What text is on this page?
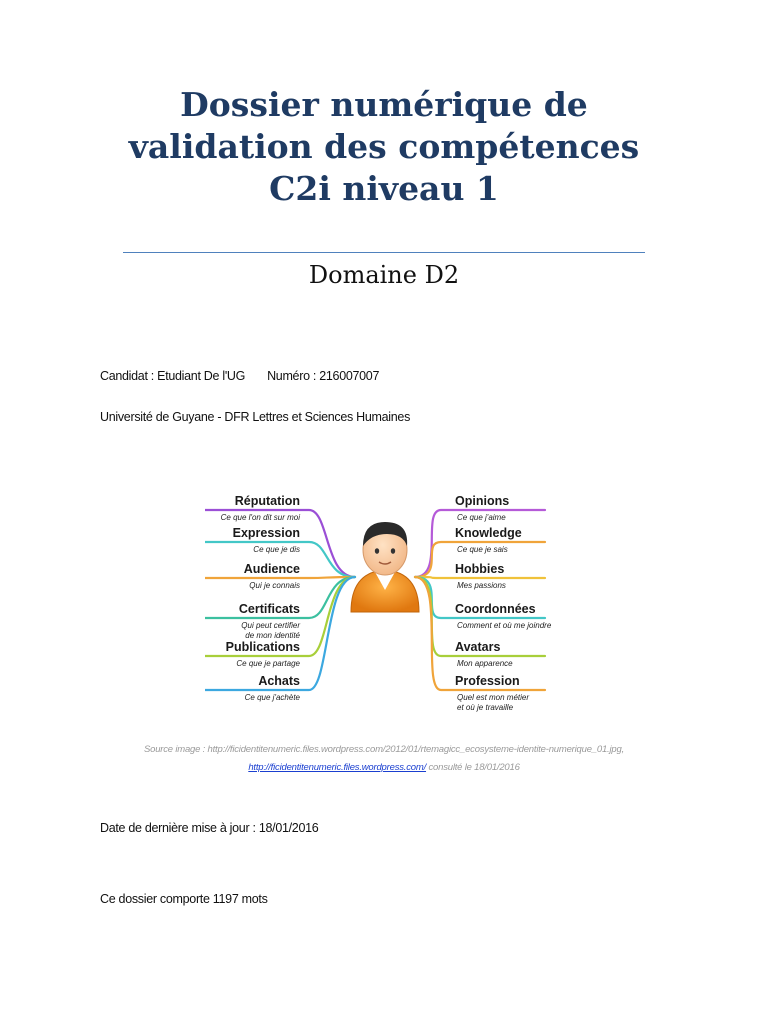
Dossier numérique de
validation des compétences
C2i niveau 1
Domaine D2
Candidat : Etudiant De l'UG Numéro : 216007007
Université de Guyane - DFR Lettres et Sciences Humaines
Réputation
Ce que l'on dit sur moi
Expression
Ce que je dis
Audience
Qui je connais
Certificats
Qui peut certifier
de mon identité
Publications
Ce que je partage
Achats
Ce que j'achète
Opinions
Ce que j'aime
Knowledge
Ce que je sais
Hobbies
Mes passions
Coordonnées
Comment et où me joindre
Avatars
Mon apparence
Profession
Quel est mon métier
et où je travaille
Source image : http://ficidentitenumeric.files.wordpress.com/2012/01/rtemagicc_ecosysteme-identite-numerique_01.jpg,
http://ficidentitenumeric.files.wordpress.com/ consulté le 18/01/2016
Date de dernière mise à jour : 18/01/2016
Ce dossier comporte 1197 mots
